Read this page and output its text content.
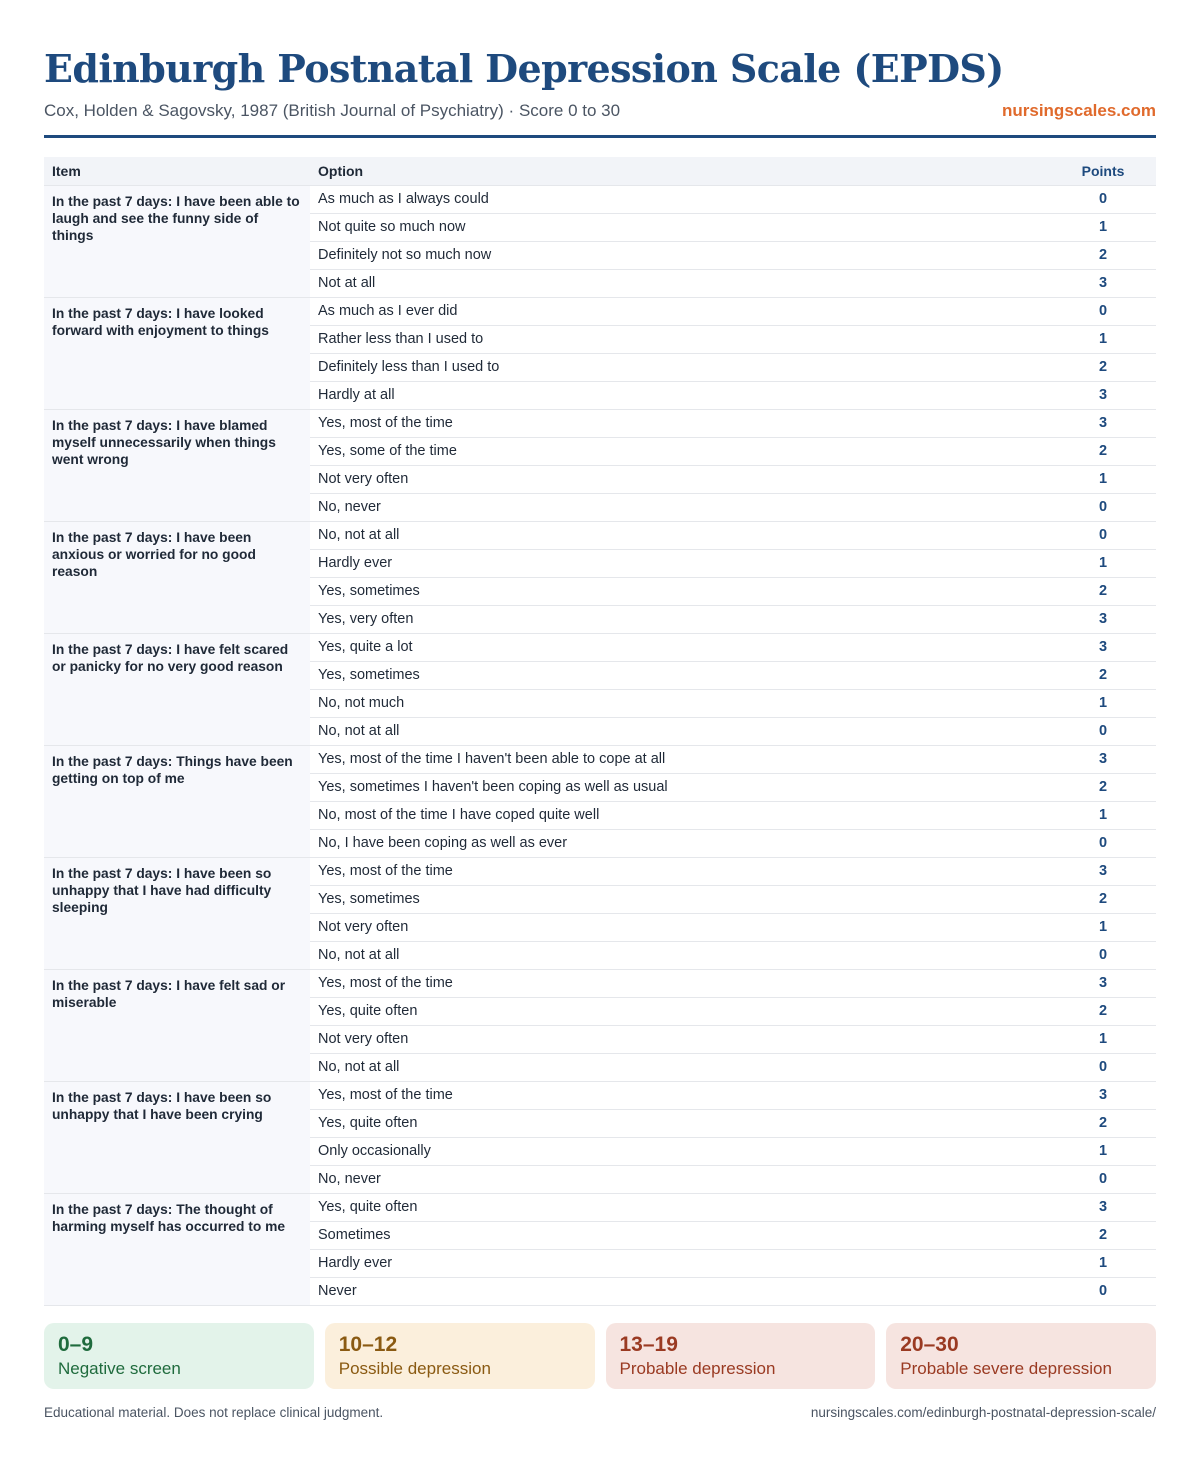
Edinburgh Postnatal Depression Scale (EPDS)
Cox, Holden & Sagovsky, 1987 (British Journal of Psychiatry) · Score 0 to 30	nursingscales.com
Item	Option	Points
In the past 7 days: I have been able to laugh and see the funny side of things	As much as I always could	0
	Not quite so much now	1
	Definitely not so much now	2
	Not at all	3
In the past 7 days: I have looked forward with enjoyment to things	As much as I ever did	0
	Rather less than I used to	1
	Definitely less than I used to	2
	Hardly at all	3
In the past 7 days: I have blamed myself unnecessarily when things went wrong	Yes, most of the time	3
	Yes, some of the time	2
	Not very often	1
	No, never	0
In the past 7 days: I have been anxious or worried for no good reason	No, not at all	0
	Hardly ever	1
	Yes, sometimes	2
	Yes, very often	3
In the past 7 days: I have felt scared or panicky for no very good reason	Yes, quite a lot	3
	Yes, sometimes	2
	No, not much	1
	No, not at all	0
In the past 7 days: Things have been getting on top of me	Yes, most of the time I haven't been able to cope at all	3
	Yes, sometimes I haven't been coping as well as usual	2
	No, most of the time I have coped quite well	1
	No, I have been coping as well as ever	0
In the past 7 days: I have been so unhappy that I have had difficulty sleeping	Yes, most of the time	3
	Yes, sometimes	2
	Not very often	1
	No, not at all	0
In the past 7 days: I have felt sad or miserable	Yes, most of the time	3
	Yes, quite often	2
	Not very often	1
	No, not at all	0
In the past 7 days: I have been so unhappy that I have been crying	Yes, most of the time	3
	Yes, quite often	2
	Only occasionally	1
	No, never	0
In the past 7 days: The thought of harming myself has occurred to me	Yes, quite often	3
	Sometimes	2
	Hardly ever	1
	Never	0
0–9
Negative screen
10–12
Possible depression
13–19
Probable depression
20–30
Probable severe depression
Educational material. Does not replace clinical judgment.	nursingscales.com/edinburgh-postnatal-depression-scale/
